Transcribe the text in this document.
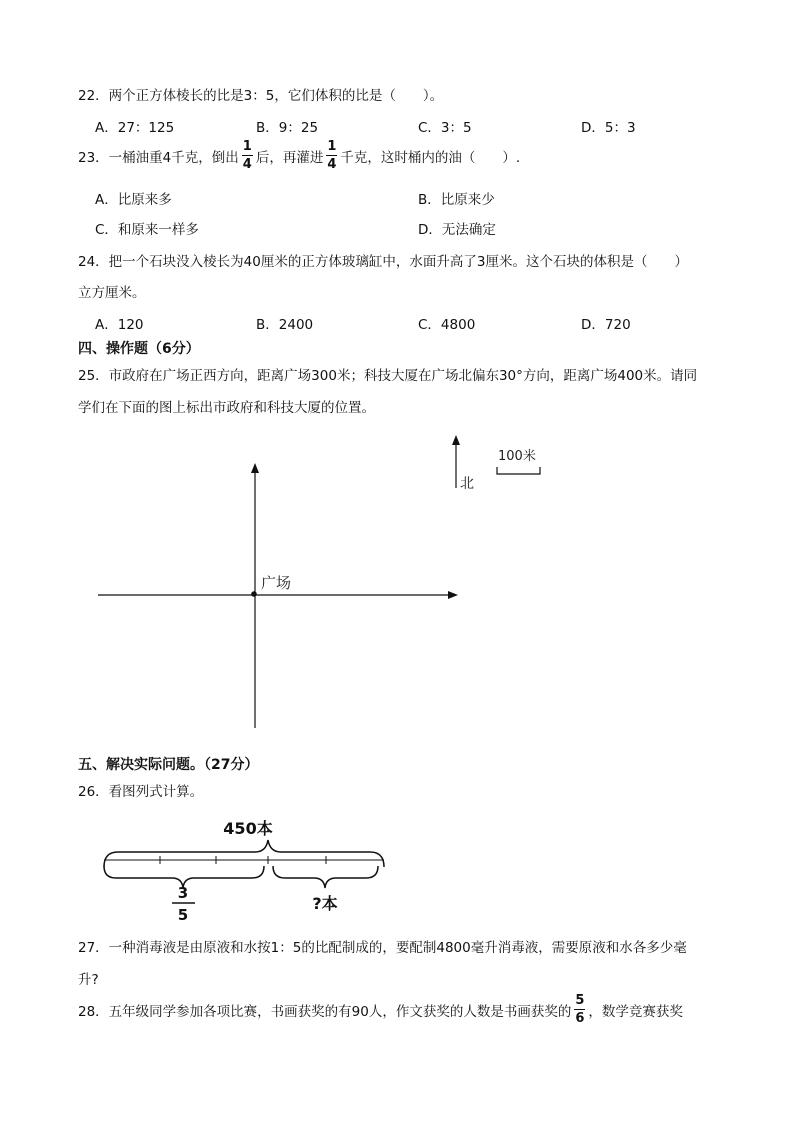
22．两个正方体棱长的比是3：5，它们体积的比是（　　）。
A．27：125	B．9：25	C．3：5	D．5：3
23．一桶油重4千克，倒出 $\frac{1}{4}$ 后，再灌进 $\frac{1}{4}$ 千克，这时桶内的油（　　）.
A．比原来多	B．比原来少
C．和原来一样多	D．无法确定
24．把一个石块没入棱长为40厘米的正方体玻璃缸中，水面升高了3厘米。这个石块的体积是（　　）
立方厘米。
A．120	B．2400	C．4800	D．720
四、操作题（6分）
25．市政府在广场正西方向，距离广场300米；科技大厦在广场北偏东30°方向，距离广场400米。请同
学们在下面的图上标出市政府和科技大厦的位置。
广场
北
100米
五、解决实际问题。（27分）
26．看图列式计算。
450本
3
5
?本
27．一种消毒液是由原液和水按1：5的比配制成的，要配制4800毫升消毒液，需要原液和水各多少毫
升?
28．五年级同学参加各项比赛，书画获奖的有90人，作文获奖的人数是书画获奖的 $\frac{5}{6}$ ，数学竞赛获奖
